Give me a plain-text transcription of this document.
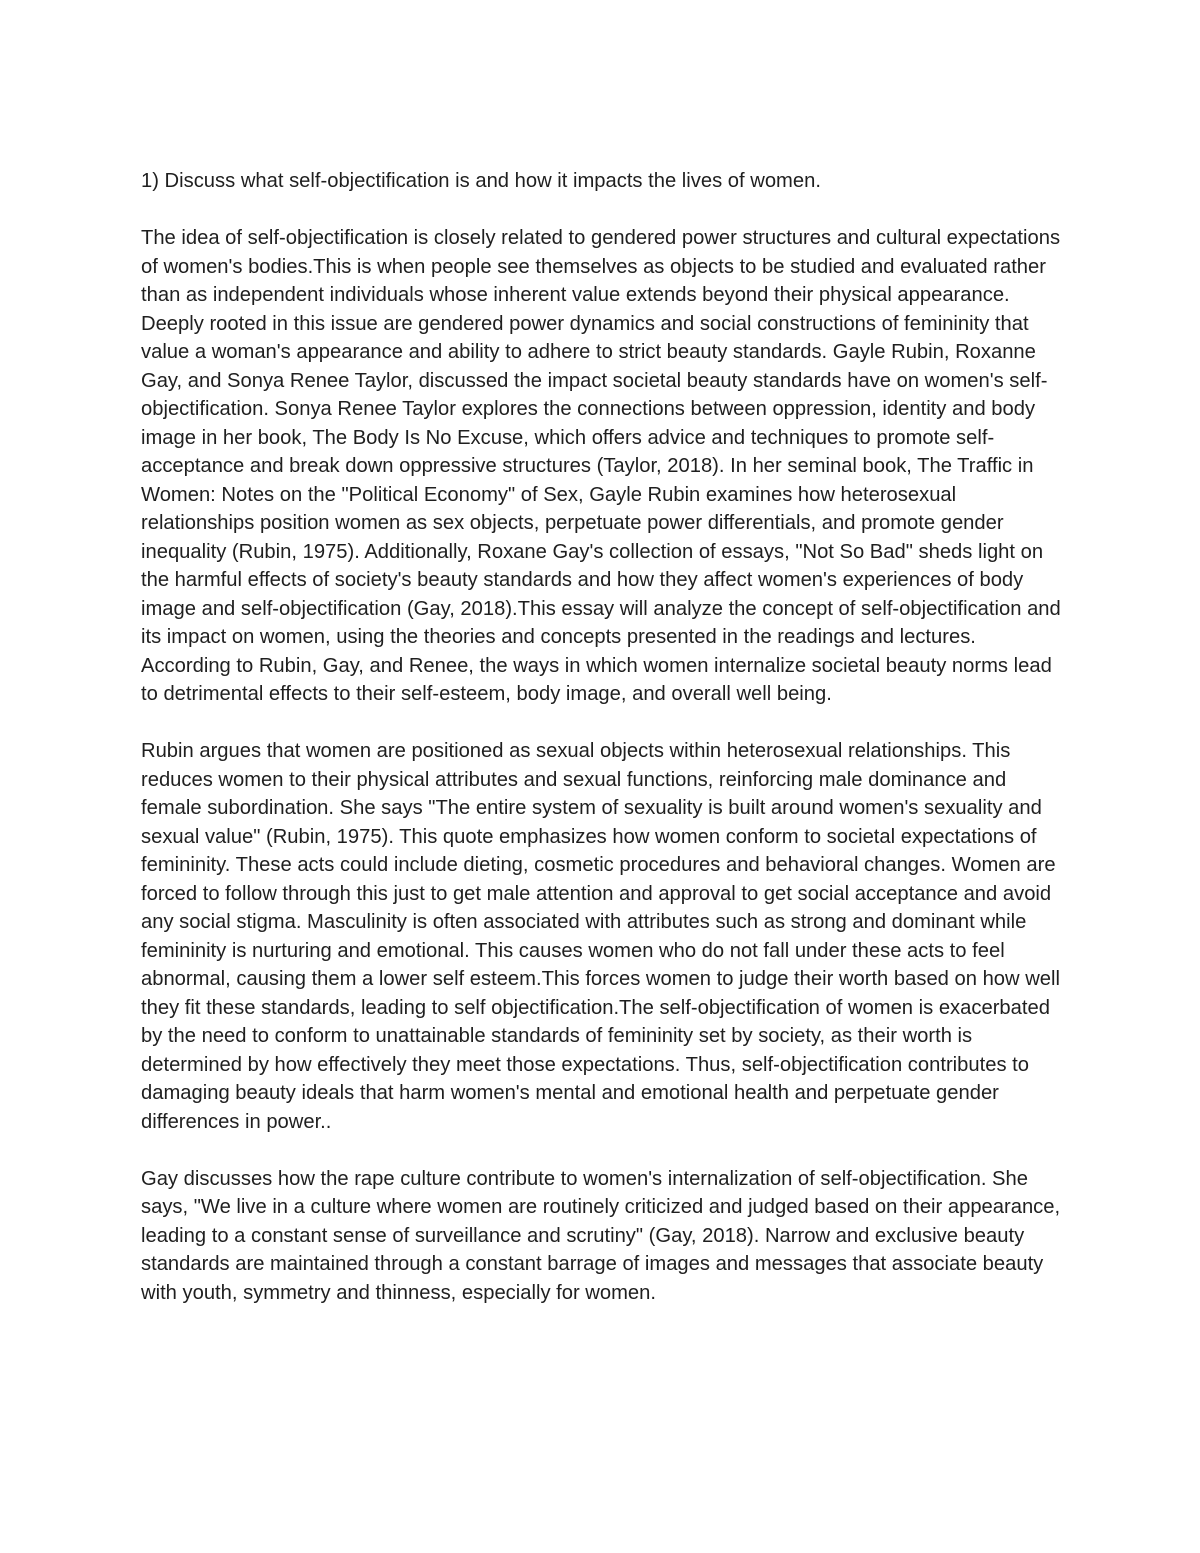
1) Discuss what self-objectification is and how it impacts the lives of women.

The idea of self-objectification is closely related to gendered power structures and cultural expectations of women's bodies.This is when people see themselves as objects to be studied and evaluated rather than as independent individuals whose inherent value extends beyond their physical appearance. Deeply rooted in this issue are gendered power dynamics and social constructions of femininity that value a woman's appearance and ability to adhere to strict beauty standards. Gayle Rubin, Roxanne Gay, and Sonya Renee Taylor, discussed the impact societal beauty standards have on women's self-objectification. Sonya Renee Taylor explores the connections between oppression, identity and body image in her book, The Body Is No Excuse, which offers advice and techniques to promote self-acceptance and break down oppressive structures (Taylor, 2018). In her seminal book, The Traffic in Women: Notes on the "Political Economy" of Sex, Gayle Rubin examines how heterosexual relationships position women as sex objects, perpetuate power differentials, and promote gender inequality (Rubin, 1975). Additionally, Roxane Gay's collection of essays, "Not So Bad" sheds light on the harmful effects of society's beauty standards and how they affect women's experiences of body image and self-objectification (Gay, 2018).This essay will analyze the concept of self-objectification and its impact on women, using the theories and concepts presented in the readings and lectures. According to Rubin, Gay, and Renee, the ways in which women internalize societal beauty norms lead to detrimental effects to their self-esteem, body image, and overall well being.

Rubin argues that women are positioned as sexual objects within heterosexual relationships. This reduces women to their physical attributes and sexual functions, reinforcing male dominance and female subordination. She says "The entire system of sexuality is built around women's sexuality and sexual value" (Rubin, 1975). This quote emphasizes how women conform to societal expectations of femininity. These acts could include dieting, cosmetic procedures and behavioral changes. Women are forced to follow through this just to get male attention and approval to get social acceptance and avoid any social stigma. Masculinity is often associated with attributes such as strong and dominant while femininity is nurturing and emotional. This causes women who do not fall under these acts to feel abnormal, causing them a lower self esteem.This forces women to judge their worth based on how well they fit these standards, leading to self objectification.The self-objectification of women is exacerbated by the need to conform to unattainable standards of femininity set by society, as their worth is determined by how effectively they meet those expectations. Thus, self-objectification contributes to damaging beauty ideals that harm women's mental and emotional health and perpetuate gender differences in power..

Gay discusses how the rape culture contribute to women's internalization of self-objectification. She says, "We live in a culture where women are routinely criticized and judged based on their appearance, leading to a constant sense of surveillance and scrutiny" (Gay, 2018). Narrow and exclusive beauty standards are maintained through a constant barrage of images and messages that associate beauty with youth, symmetry and thinness, especially for women.
